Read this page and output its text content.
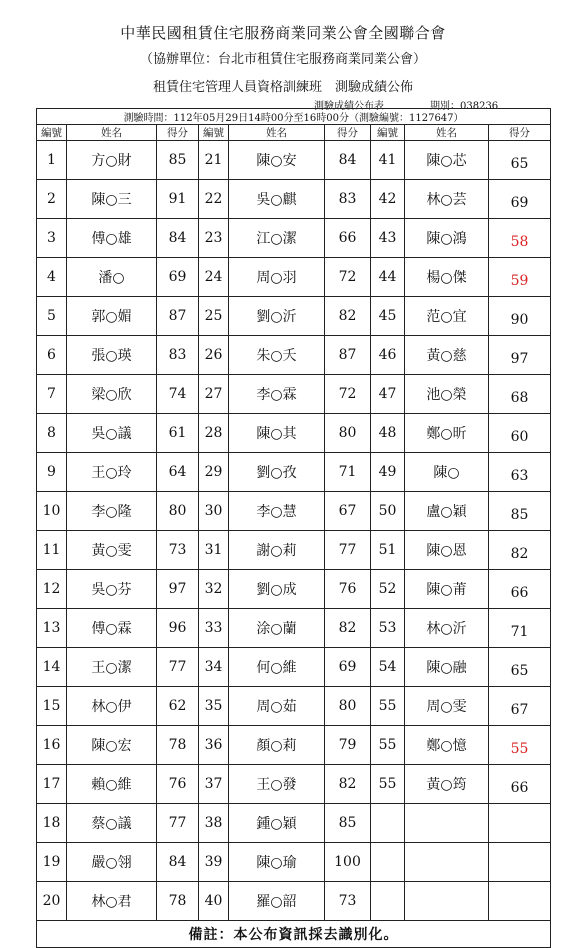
中華民國租賃住宅服務商業同業公會全國聯合會
（協辦單位：台北市租賃住宅服務商業同業公會）
租賃住宅管理人員資格訓練班　測驗成績公佈
測驗成績公布表	期別：038236
測驗時間：112年05月29日14時00分至16時00分（測驗編號：1127647）								
編號	姓名	得分	編號	姓名	得分	編號	姓名	得分
1	方○財	85	21	陳○安	84	41	陳○芯	65
2	陳○三	91	22	吳○麒	83	42	林○芸	69
3	傅○雄	84	23	江○潔	66	43	陳○鴻	58
4	潘○	69	24	周○羽	72	44	楊○傑	59
5	郭○媚	87	25	劉○沂	82	45	范○宜	90
6	張○瑛	83	26	朱○夭	87	46	黃○慈	97
7	梁○欣	74	27	李○霖	72	47	池○榮	68
8	吳○議	61	28	陳○其	80	48	鄭○昕	60
9	王○玲	64	29	劉○孜	71	49	陳○	63
10	李○隆	80	30	李○慧	67	50	盧○穎	85
11	黃○雯	73	31	謝○莉	77	51	陳○恩	82
12	吳○芬	97	32	劉○成	76	52	陳○莆	66
13	傅○霖	96	33	涂○蘭	82	53	林○沂	71
14	王○潔	77	34	何○維	69	54	陳○融	65
15	林○伊	62	35	周○茹	80	55	周○雯	67
16	陳○宏	78	36	顏○莉	79	55	鄭○憶	55
17	賴○維	76	37	王○發	82	55	黃○筠	66
18	蔡○議	77	38	鍾○穎	85			
19	嚴○翎	84	39	陳○瑜	100			
20	林○君	78	40	羅○韶	73			
備註：本公布資訊採去識別化。								
